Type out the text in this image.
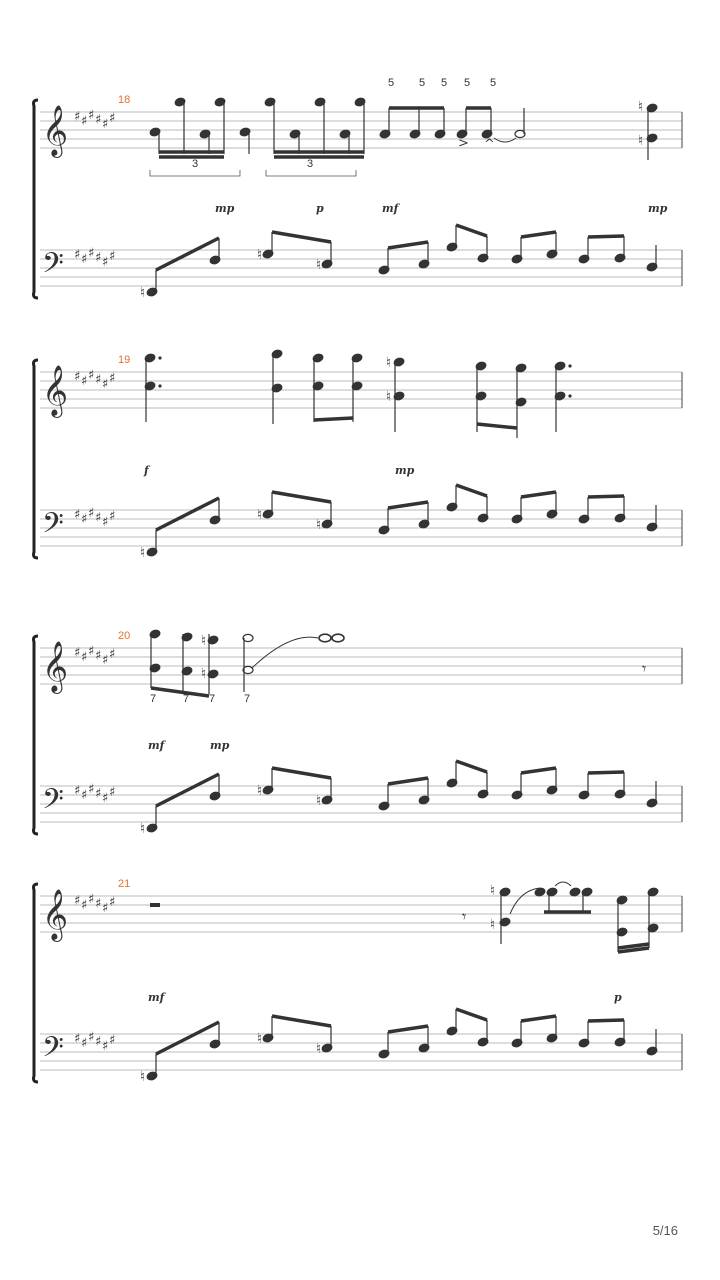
𝄞
𝄢
♯ ♯ ♯ ♯ ♯ ♯
♯ ♯ ♯ ♯ ♯ ♯
18
mp	p	mf	mp
♮
♮
♮
𝄞
𝄢
♯ ♯ ♯ ♯ ♯ ♯
♯ ♯ ♯ ♯ ♯ ♯
19
f	mp
♮
♮
♮
𝄞
𝄢
♯ ♯ ♯ ♯ ♯ ♯
♯ ♯ ♯ ♯ ♯ ♯
20
mf	mp
♮
♮
♮
𝄞
𝄢
♯ ♯ ♯ ♯ ♯ ♯
♯ ♯ ♯ ♯ ♯ ♯
21
mf	p
♮
♮
♮
3	3
5 5 5 5 5
> ^
♮
♮
♮
♮
♮
♮
7 7 7	7
𝄾
𝄾
♮
♮
5/16
